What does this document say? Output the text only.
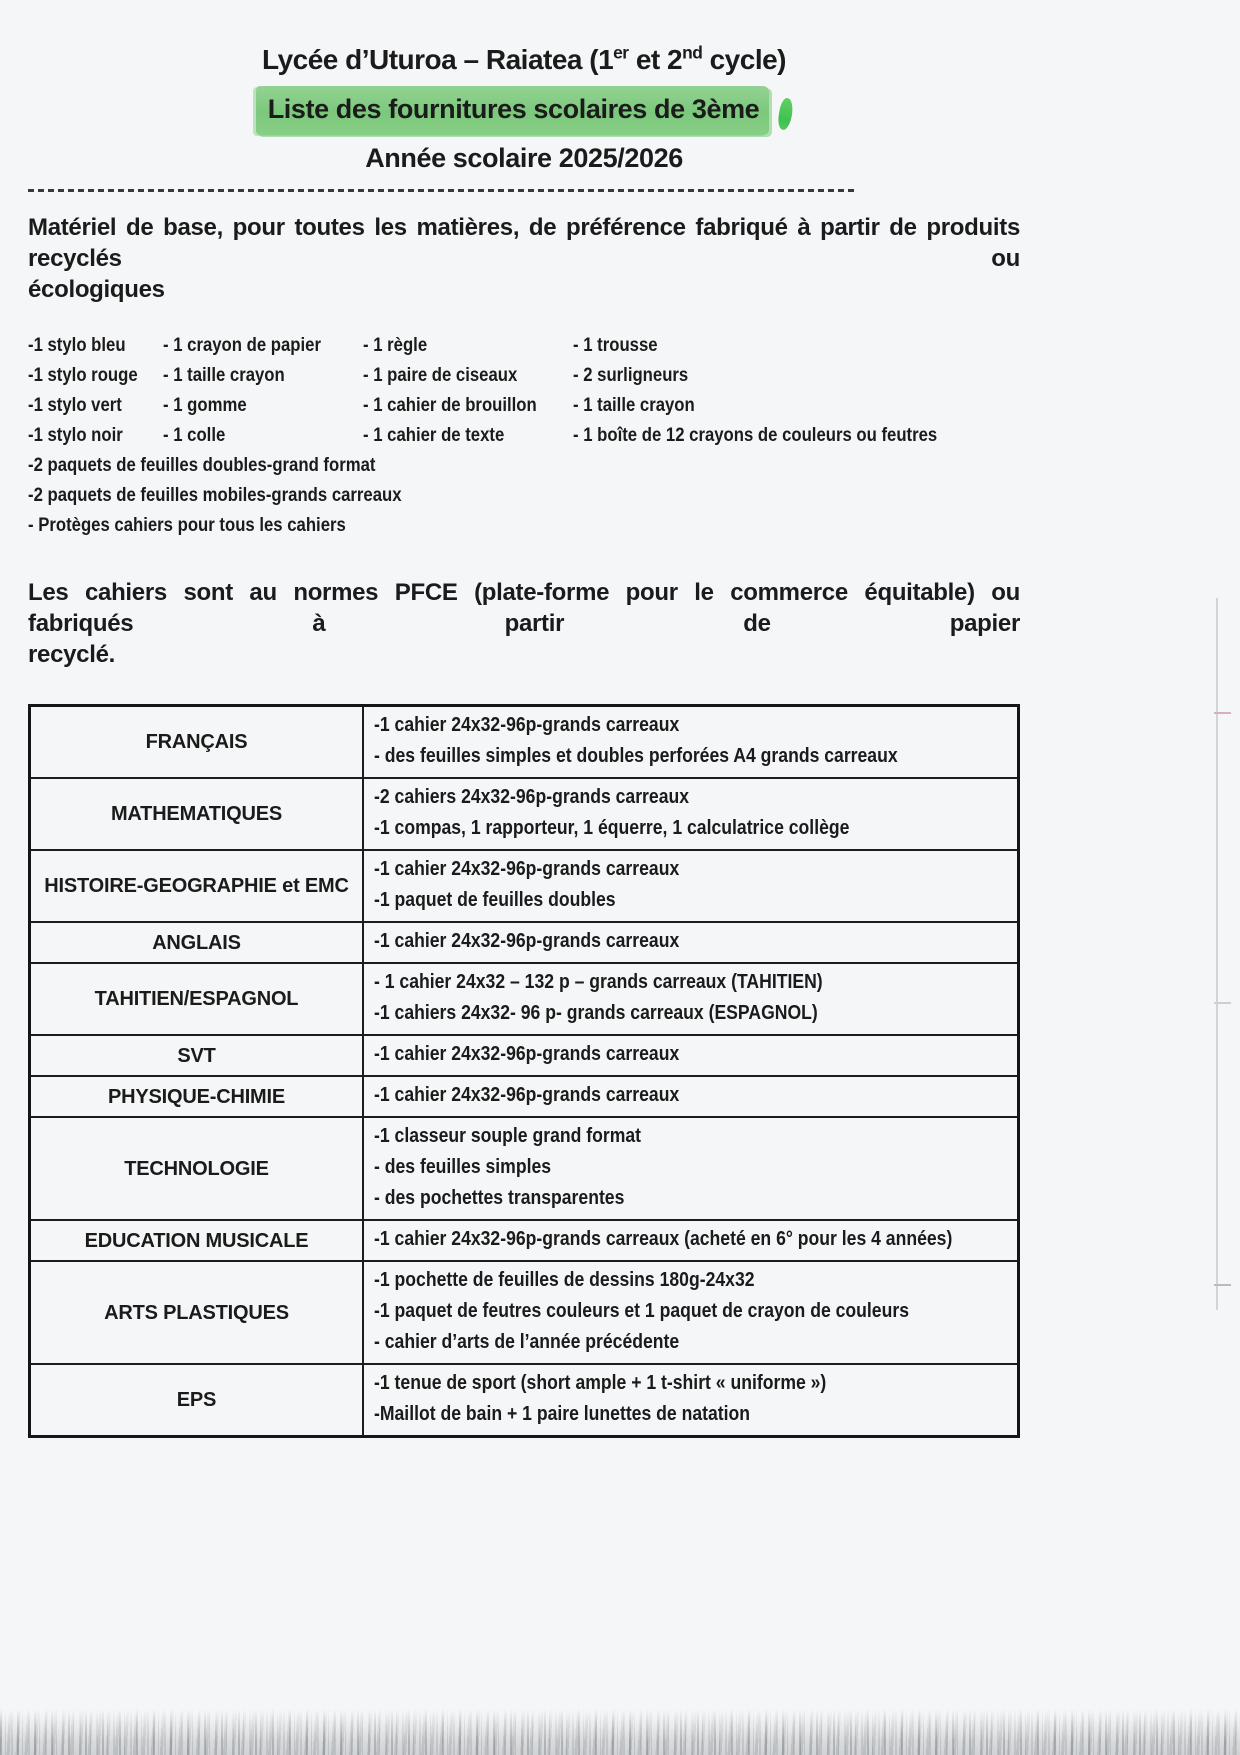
Lycée d’Uturoa – Raiatea (1er et 2nd cycle)
Liste des fournitures scolaires de 3ème
Année scolaire 2025/2026
Matériel de base, pour toutes les matières, de préférence fabriqué à partir de produits recyclés ou
écologiques
-1 stylo bleu	- 1 crayon de papier	- 1 règle	- 1 trousse
-1 stylo rouge	- 1 taille crayon	- 1 paire de ciseaux	- 2 surligneurs
-1 stylo vert	- 1 gomme	- 1 cahier de brouillon	- 1 taille crayon
-1 stylo noir	- 1 colle	- 1 cahier de texte	- 1 boîte de 12 crayons de couleurs ou feutres
-2 paquets de feuilles doubles-grand format
-2 paquets de feuilles mobiles-grands carreaux
- Protèges cahiers pour tous les cahiers
Les cahiers sont au normes PFCE (plate-forme pour le commerce équitable) ou fabriqués à partir de papier
recyclé.
FRANÇAIS	-1 cahier 24x32-96p-grands carreaux
- des feuilles simples et doubles perforées A4 grands carreaux

MATHEMATIQUES	-2 cahiers 24x32-96p-grands carreaux
-1 compas, 1 rapporteur, 1 équerre, 1 calculatrice collège

HISTOIRE-GEOGRAPHIE et EMC	-1 cahier 24x32-96p-grands carreaux
-1 paquet de feuilles doubles

ANGLAIS	-1 cahier 24x32-96p-grands carreaux

TAHITIEN/ESPAGNOL	- 1 cahier 24x32 – 132 p – grands carreaux (TAHITIEN)
-1 cahiers 24x32- 96 p- grands carreaux (ESPAGNOL)

SVT	-1 cahier 24x32-96p-grands carreaux

PHYSIQUE-CHIMIE	-1 cahier 24x32-96p-grands carreaux

TECHNOLOGIE	-1 classeur souple grand format
- des feuilles simples
- des pochettes transparentes

EDUCATION MUSICALE	-1 cahier 24x32-96p-grands carreaux (acheté en 6° pour les 4 années)

ARTS PLASTIQUES	-1 pochette de feuilles de dessins 180g-24x32
-1 paquet de feutres couleurs et 1 paquet de crayon de couleurs
- cahier d’arts de l’année précédente

EPS	-1 tenue de sport (short ample + 1 t-shirt « uniforme »)
-Maillot de bain + 1 paire lunettes de natation
